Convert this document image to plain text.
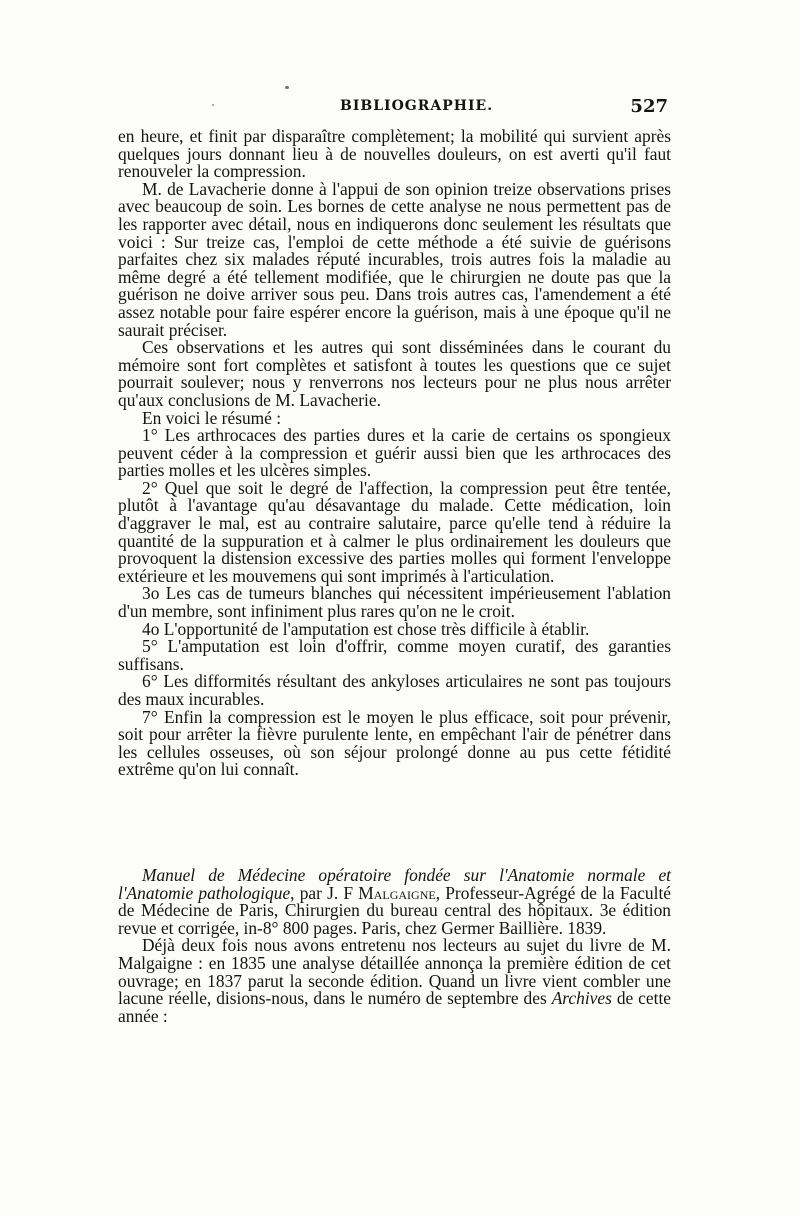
BIBLIOGRAPHIE.	527

en heure, et finit par disparaître complètement; la mobilité qui survient après quelques jours donnant lieu à de nouvelles douleurs, on est averti qu'il faut renouveler la compression.

M. de Lavacherie donne à l'appui de son opinion treize observations prises avec beaucoup de soin. Les bornes de cette analyse ne nous permettent pas de les rapporter avec détail, nous en indiquerons donc seulement les résultats que voici : Sur treize cas, l'emploi de cette méthode a été suivie de guérisons parfaites chez six malades réputé incurables, trois autres fois la maladie au même degré a été tellement modifiée, que le chirurgien ne doute pas que la guérison ne doive arriver sous peu. Dans trois autres cas, l'amendement a été assez notable pour faire espérer encore la guérison, mais à une époque qu'il ne saurait préciser.

Ces observations et les autres qui sont disséminées dans le courant du mémoire sont fort complètes et satisfont à toutes les questions que ce sujet pourrait soulever; nous y renverrons nos lecteurs pour ne plus nous arrêter qu'aux conclusions de M. Lavacherie.

En voici le résumé :

1° Les arthrocaces des parties dures et la carie de certains os spongieux peuvent céder à la compression et guérir aussi bien que les arthrocaces des parties molles et les ulcères simples.

2° Quel que soit le degré de l'affection, la compression peut être tentée, plutôt à l'avantage qu'au désavantage du malade. Cette médication, loin d'aggraver le mal, est au contraire salutaire, parce qu'elle tend à réduire la quantité de la suppuration et à calmer le plus ordinairement les douleurs que provoquent la distension excessive des parties molles qui forment l'enveloppe extérieure et les mouvemens qui sont imprimés à l'articulation.

3o Les cas de tumeurs blanches qui nécessitent impérieusement l'ablation d'un membre, sont infiniment plus rares qu'on ne le croit.

4o L'opportunité de l'amputation est chose très difficile à établir.

5° L'amputation est loin d'offrir, comme moyen curatif, des garanties suffisans.

6° Les difformités résultant des ankyloses articulaires ne sont pas toujours des maux incurables.

7° Enfin la compression est le moyen le plus efficace, soit pour prévenir, soit pour arrêter la fièvre purulente lente, en empêchant l'air de pénétrer dans les cellules osseuses, où son séjour prolongé donne au pus cette fétidité extrême qu'on lui connaît.

Manuel de Médecine opératoire fondée sur l'Anatomie normale et l'Anatomie pathologique, par J. F Malgaigne, Professeur-Agrégé de la Faculté de Médecine de Paris, Chirurgien du bureau central des hôpitaux. 3e édition revue et corrigée, in-8° 800 pages. Paris, chez Germer Baillière. 1839.

Déjà deux fois nous avons entretenu nos lecteurs au sujet du livre de M. Malgaigne : en 1835 une analyse détaillée annonça la première édition de cet ouvrage; en 1837 parut la seconde édition. Quand un livre vient combler une lacune réelle, disions-nous, dans le numéro de septembre des Archives de cette année :
